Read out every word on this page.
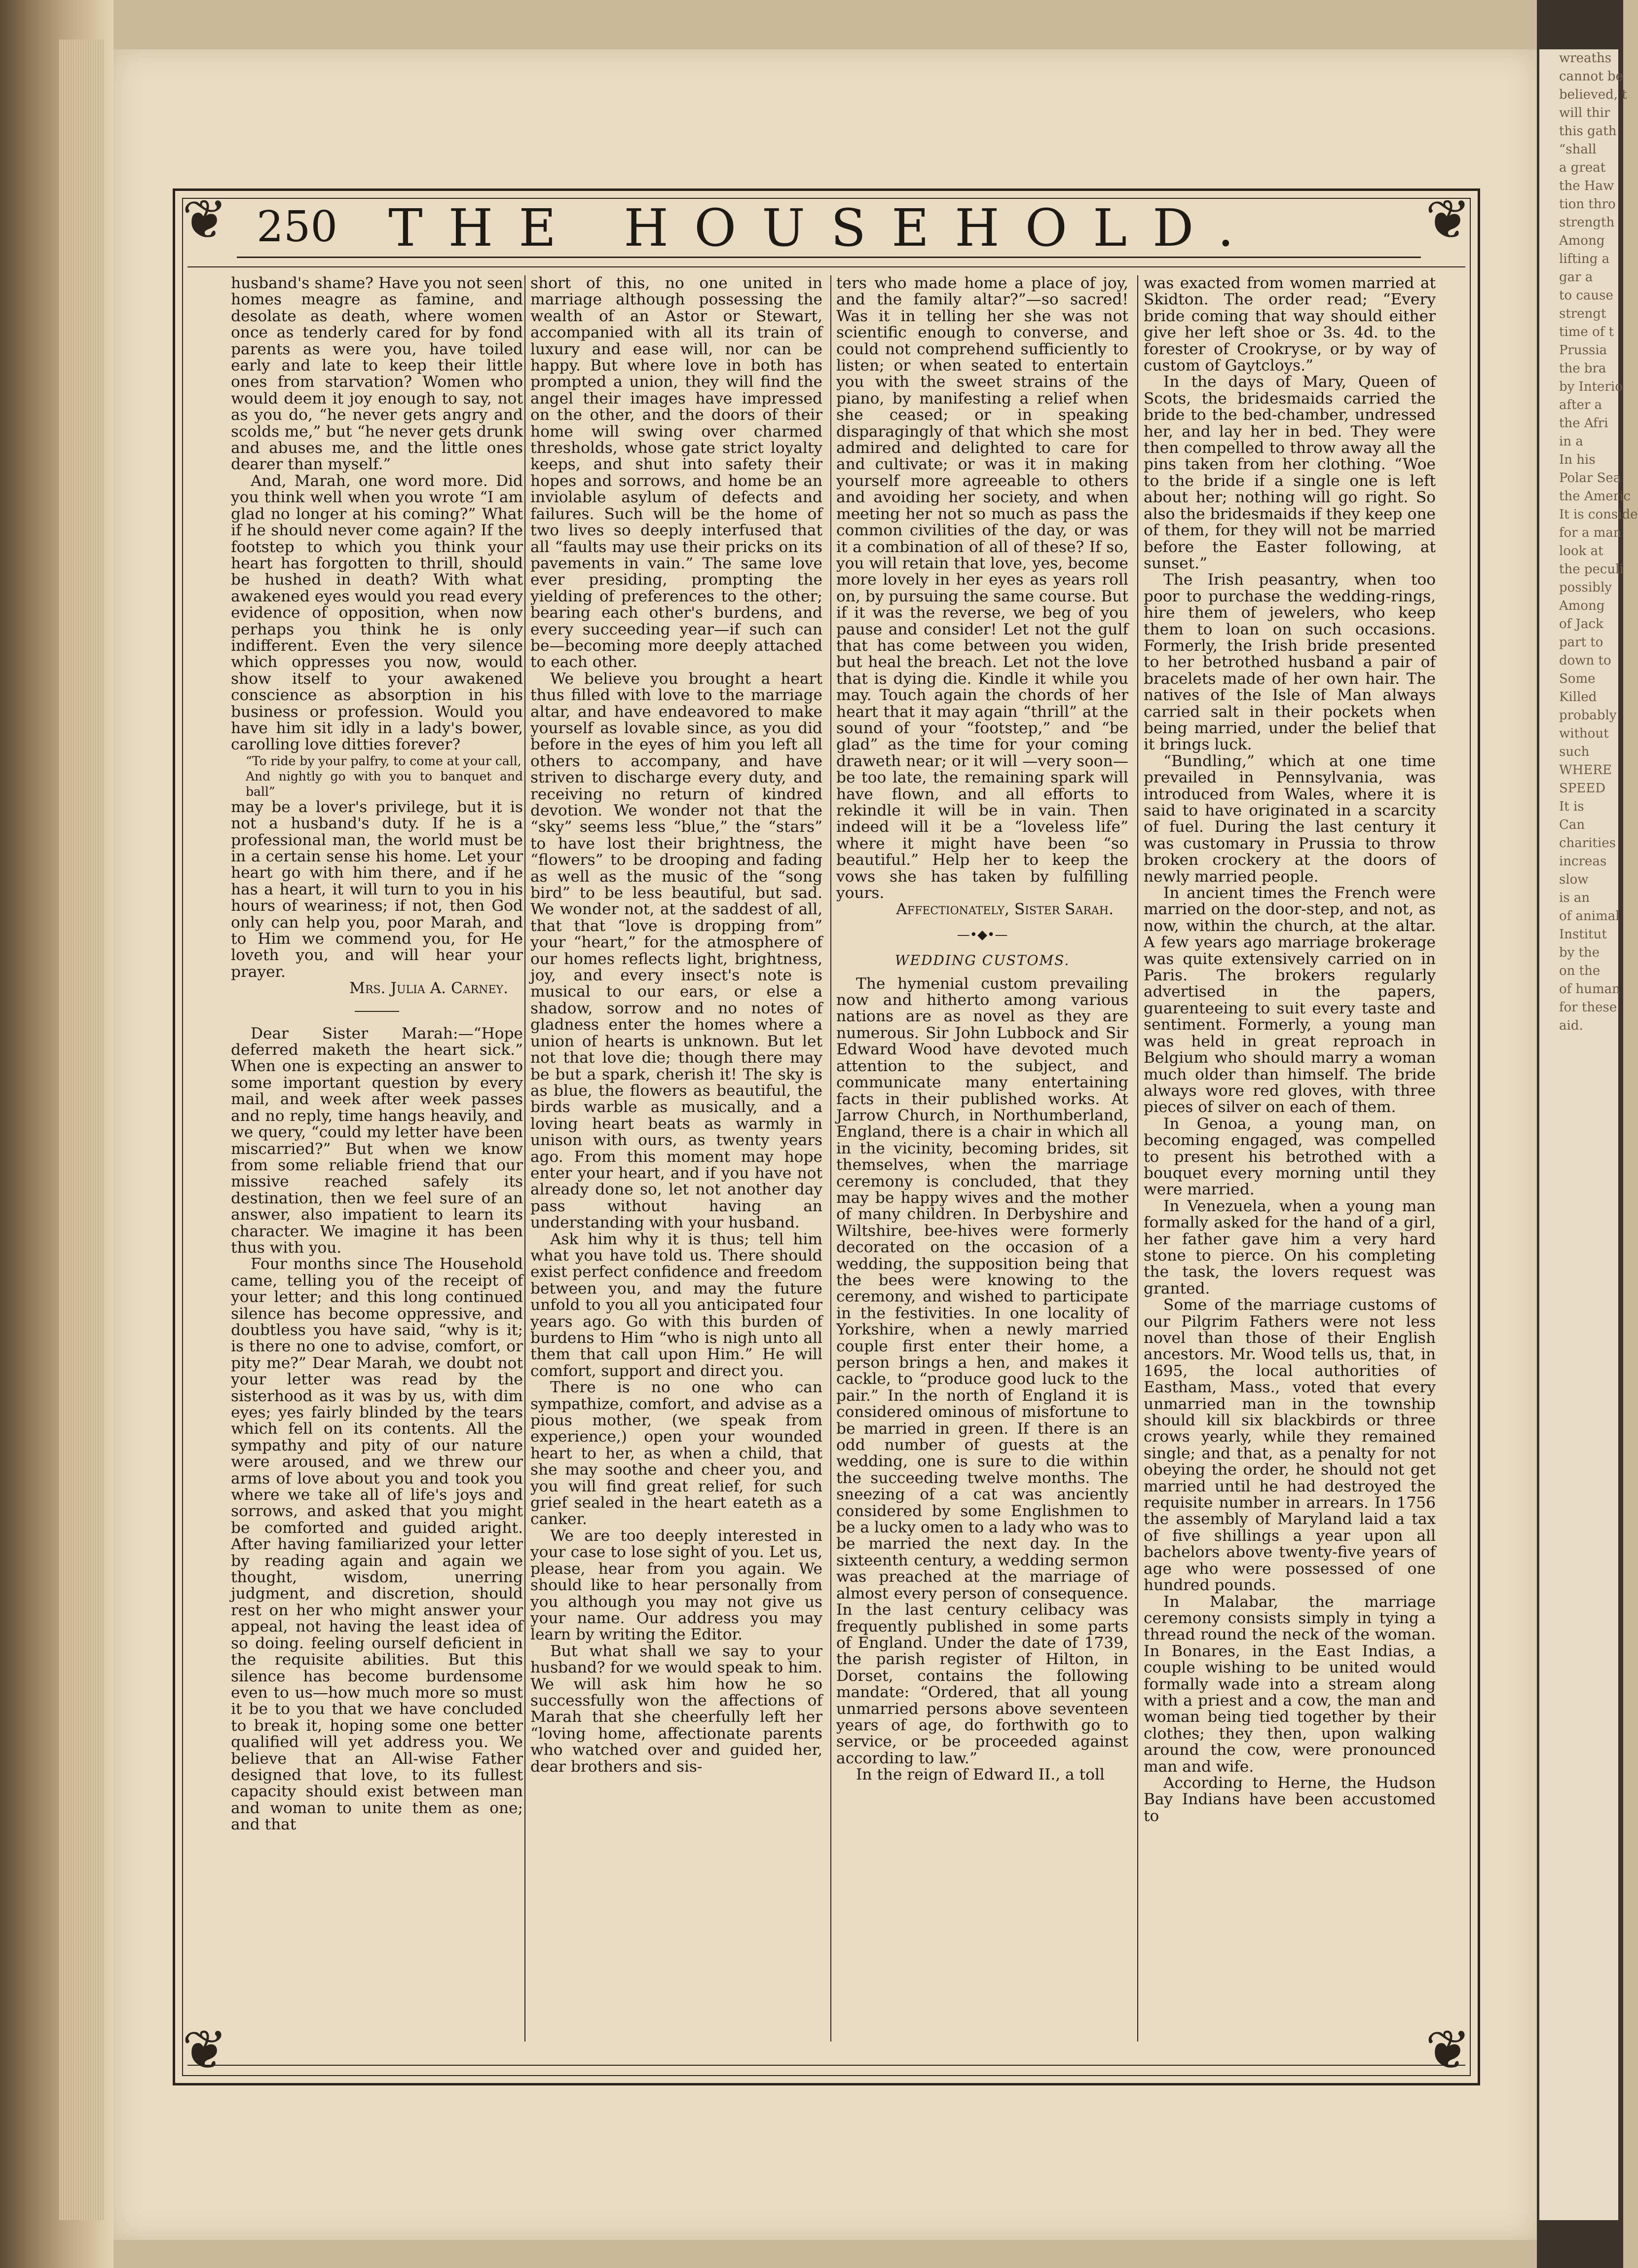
wreaths
cannot be
believed, t
will thir
this gath
“shall
a great
the Haw
tion thro
strength
Among
lifting a
gar a
to cause
strengt
time of t
Prussia
the bra
by Interio
after a
the Afri
in a
In his
Polar Sea
the Americ
It is conside
for a man
look at
the peculi
possibly
Among
of Jack
part to
down to
Some
Killed
probably
without
such
WHERE
SPEED
It is
Can
charities
increas
slow
is an
of animal
Institut
by the
on the
of human
for these
aid.
❦	❦
❦	❦
250 THE HOUSEHOLD.

husband's shame? Have you not seen homes meagre as famine, and desolate as death, where women once as tenderly cared for by fond parents as were you, have toiled early and late to keep their little ones from starvation? Women who would deem it joy enough to say, not as you do, “he never gets angry and scolds me,” but “he never gets drunk and abuses me, and the little ones dearer than myself.”

And, Marah, one word more. Did you think well when you wrote “I am glad no longer at his coming?” What if he should never come again? If the footstep to which you think your heart has forgotten to thrill, should be hushed in death? With what awakened eyes would you read every evidence of opposition, when now perhaps you think he is only indifferent. Even the very silence which oppresses you now, would show itself to your awakened conscience as absorption in his business or profession. Would you have him sit idly in a lady's bower, carolling love ditties forever?

“To ride by your palfry, to come at your call,

And nightly go with you to banquet and ball”

may be a lover's privilege, but it is not a husband's duty. If he is a professional man, the world must be in a certain sense his home. Let your heart go with him there, and if he has a heart, it will turn to you in his hours of weariness; if not, then God only can help you, poor Marah, and to Him we commend you, for He loveth you, and will hear your prayer.

Mrs. Julia A. Carney.

Dear Sister Marah:—“Hope deferred maketh the heart sick.” When one is expecting an answer to some important question by every mail, and week after week passes and no reply, time hangs heavily, and we query, “could my letter have been miscarried?” But when we know from some reliable friend that our missive reached safely its destination, then we feel sure of an answer, also impatient to learn its character. We imagine it has been thus with you.

Four months since The Household came, telling you of the receipt of your letter; and this long continued silence has become oppressive, and doubtless you have said, “why is it; is there no one to advise, comfort, or pity me?” Dear Marah, we doubt not your letter was read by the sisterhood as it was by us, with dim eyes; yes fairly blinded by the tears which fell on its contents. All the sympathy and pity of our nature were aroused, and we threw our arms of love about you and took you where we take all of life's joys and sorrows, and asked that you might be comforted and guided aright. After having familiarized your letter by reading again and again we thought, wisdom, unerring judgment, and discretion, should rest on her who might answer your appeal, not having the least idea of so doing. feeling ourself deficient in the requisite abilities. But this silence has become burdensome even to us—how much more so must it be to you that we have concluded to break it, hoping some one better qualified will yet address you. We believe that an All-wise Father designed that love, to its fullest capacity should exist between man and woman to unite them as one; and that

short of this, no one united in marriage although possessing the wealth of an Astor or Stewart, accompanied with all its train of luxury and ease will, nor can be happy. But where love in both has prompted a union, they will find the angel their images have impressed on the other, and the doors of their home will swing over charmed thresholds, whose gate strict loyalty keeps, and shut into safety their hopes and sorrows, and home be an inviolable asylum of defects and failures. Such will be the home of two lives so deeply interfused that all “faults may use their pricks on its pavements in vain.” The same love ever presiding, prompting the yielding of preferences to the other; bearing each other's burdens, and every succeeding year—if such can be—becoming more deeply attached to each other.

We believe you brought a heart thus filled with love to the marriage altar, and have endeavored to make yourself as lovable since, as you did before in the eyes of him you left all others to accompany, and have striven to discharge every duty, and receiving no return of kindred devotion. We wonder not that the “sky” seems less “blue,” the “stars” to have lost their brightness, the “flowers” to be drooping and fading as well as the music of the “song bird” to be less beautiful, but sad. We wonder not, at the saddest of all, that that “love is dropping from” your “heart,” for the atmosphere of our homes reflects light, brightness, joy, and every insect's note is musical to our ears, or else a shadow, sorrow and no notes of gladness enter the homes where a union of hearts is unknown. But let not that love die; though there may be but a spark, cherish it! The sky is as blue, the flowers as beautiful, the birds warble as musically, and a loving heart beats as warmly in unison with ours, as twenty years ago. From this moment may hope enter your heart, and if you have not already done so, let not another day pass without having an understanding with your husband.

Ask him why it is thus; tell him what you have told us. There should exist perfect confidence and freedom between you, and may the future unfold to you all you anticipated four years ago. Go with this burden of burdens to Him “who is nigh unto all them that call upon Him.” He will comfort, support and direct you.

There is no one who can sympathize, comfort, and advise as a pious mother, (we speak from experience,) open your wounded heart to her, as when a child, that she may soothe and cheer you, and you will find great relief, for such grief sealed in the heart eateth as a canker.

We are too deeply interested in your case to lose sight of you. Let us, please, hear from you again. We should like to hear personally from you although you may not give us your name. Our address you may learn by writing the Editor.

But what shall we say to your husband? for we would speak to him. We will ask him how he so successfully won the affections of Marah that she cheerfully left her “loving home, affectionate parents who watched over and guided her, dear brothers and sis-

ters who made home a place of joy, and the family altar?”—so sacred! Was it in telling her she was not scientific enough to converse, and could not comprehend sufficiently to listen; or when seated to entertain you with the sweet strains of the piano, by manifesting a relief when she ceased; or in speaking disparagingly of that which she most admired and delighted to care for and cultivate; or was it in making yourself more agreeable to others and avoiding her society, and when meeting her not so much as pass the common civilities of the day, or was it a combination of all of these? If so, you will retain that love, yes, become more lovely in her eyes as years roll on, by pursuing the same course. But if it was the reverse, we beg of you pause and consider! Let not the gulf that has come between you widen, but heal the breach. Let not the love that is dying die. Kindle it while you may. Touch again the chords of her heart that it may again “thrill” at the sound of your “footstep,” and “be glad” as the time for your coming draweth near; or it will —very soon—be too late, the remaining spark will have flown, and all efforts to rekindle it will be in vain. Then indeed will it be a “loveless life” where it might have been “so beautiful.” Help her to keep the vows she has taken by fulfilling yours.

Affectionately, Sister Sarah.

—•◆•—

WEDDING CUSTOMS.

The hymenial custom prevailing now and hitherto among various nations are as novel as they are numerous. Sir John Lubbock and Sir Edward Wood have devoted much attention to the subject, and communicate many entertaining facts in their published works. At Jarrow Church, in Northumberland, England, there is a chair in which all in the vicinity, becoming brides, sit themselves, when the marriage ceremony is concluded, that they may be happy wives and the mother of many children. In Derbyshire and Wiltshire, bee-hives were formerly decorated on the occasion of a wedding, the supposition being that the bees were knowing to the ceremony, and wished to participate in the festivities. In one locality of Yorkshire, when a newly married couple first enter their home, a person brings a hen, and makes it cackle, to “produce good luck to the pair.” In the north of England it is considered ominous of misfortune to be married in green. If there is an odd number of guests at the wedding, one is sure to die within the succeeding twelve months. The sneezing of a cat was anciently considered by some Englishmen to be a lucky omen to a lady who was to be married the next day. In the sixteenth century, a wedding sermon was preached at the marriage of almost every person of consequence. In the last century celibacy was frequently published in some parts of England. Under the date of 1739, the parish register of Hilton, in Dorset, contains the following mandate: “Ordered, that all young unmarried persons above seventeen years of age, do forthwith go to service, or be proceeded against according to law.”

In the reign of Edward II., a toll

was exacted from women married at Skidton. The order read; “Every bride coming that way should either give her left shoe or 3s. 4d. to the forester of Crookryse, or by way of custom of Gaytcloys.”

In the days of Mary, Queen of Scots, the bridesmaids carried the bride to the bed-chamber, undressed her, and lay her in bed. They were then compelled to throw away all the pins taken from her clothing. “Woe to the bride if a single one is left about her; nothing will go right. So also the bridesmaids if they keep one of them, for they will not be married before the Easter following, at sunset.”

The Irish peasantry, when too poor to purchase the wedding-rings, hire them of jewelers, who keep them to loan on such occasions. Formerly, the Irish bride presented to her betrothed husband a pair of bracelets made of her own hair. The natives of the Isle of Man always carried salt in their pockets when being married, under the belief that it brings luck.

“Bundling,” which at one time prevailed in Pennsylvania, was introduced from Wales, where it is said to have originated in a scarcity of fuel. During the last century it was customary in Prussia to throw broken crockery at the doors of newly married people.

In ancient times the French were married on the door-step, and not, as now, within the church, at the altar. A few years ago marriage brokerage was quite extensively carried on in Paris. The brokers regularly advertised in the papers, guarenteeing to suit every taste and sentiment. Formerly, a young man was held in great reproach in Belgium who should marry a woman much older than himself. The bride always wore red gloves, with three pieces of silver on each of them.

In Genoa, a young man, on becoming engaged, was compelled to present his betrothed with a bouquet every morning until they were married.

In Venezuela, when a young man formally asked for the hand of a girl, her father gave him a very hard stone to pierce. On his completing the task, the lovers request was granted.

Some of the marriage customs of our Pilgrim Fathers were not less novel than those of their English ancestors. Mr. Wood tells us, that, in 1695, the local authorities of Eastham, Mass., voted that every unmarried man in the township should kill six blackbirds or three crows yearly, while they remained single; and that, as a penalty for not obeying the order, he should not get married until he had destroyed the requisite number in arrears. In 1756 the assembly of Maryland laid a tax of five shillings a year upon all bachelors above twenty-five years of age who were possessed of one hundred pounds.

In Malabar, the marriage ceremony consists simply in tying a thread round the neck of the woman. In Bonares, in the East Indias, a couple wishing to be united would formally wade into a stream along with a priest and a cow, the man and woman being tied together by their clothes; they then, upon walking around the cow, were pronounced man and wife.

According to Herne, the Hudson Bay Indians have been accustomed to
